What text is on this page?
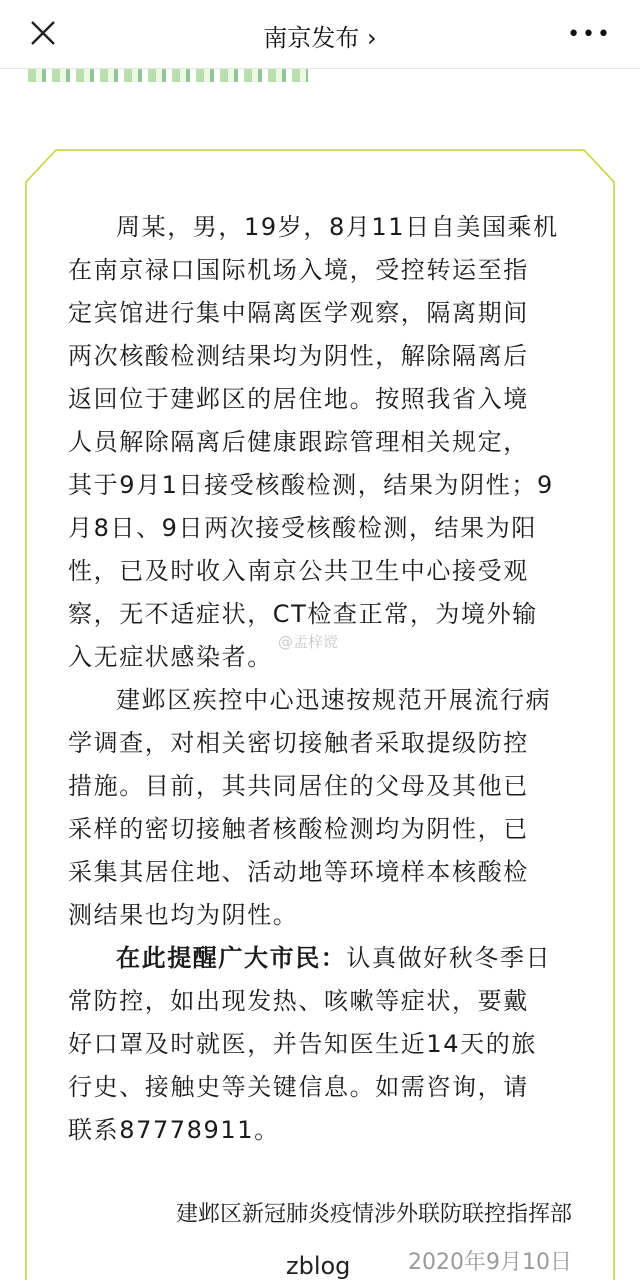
南京发布 ›	•••
周某，男，19岁，8月11日自美国乘机
在南京禄口国际机场入境，受控转运至指
定宾馆进行集中隔离医学观察，隔离期间
两次核酸检测结果均为阴性，解除隔离后
返回位于建邺区的居住地。按照我省入境
人员解除隔离后健康跟踪管理相关规定，
其于9月1日接受核酸检测，结果为阴性；9
月8日、9日两次接受核酸检测，结果为阳
性，已及时收入南京公共卫生中心接受观
察，无不适症状，CT检查正常，为境外输
入无症状感染者。
建邺区疾控中心迅速按规范开展流行病
学调查，对相关密切接触者采取提级防控
措施。目前，其共同居住的父母及其他已
采样的密切接触者核酸检测均为阴性，已
采集其居住地、活动地等环境样本核酸检
测结果也均为阴性。
在此提醒广大市民：认真做好秋冬季日
常防控，如出现发热、咳嗽等症状，要戴
好口罩及时就医，并告知医生近14天的旅
行史、接触史等关键信息。如需咨询，请
联系87778911。
@孟梓谠
建邺区新冠肺炎疫情涉外联防联控指挥部
zblog	2020年9月10日
